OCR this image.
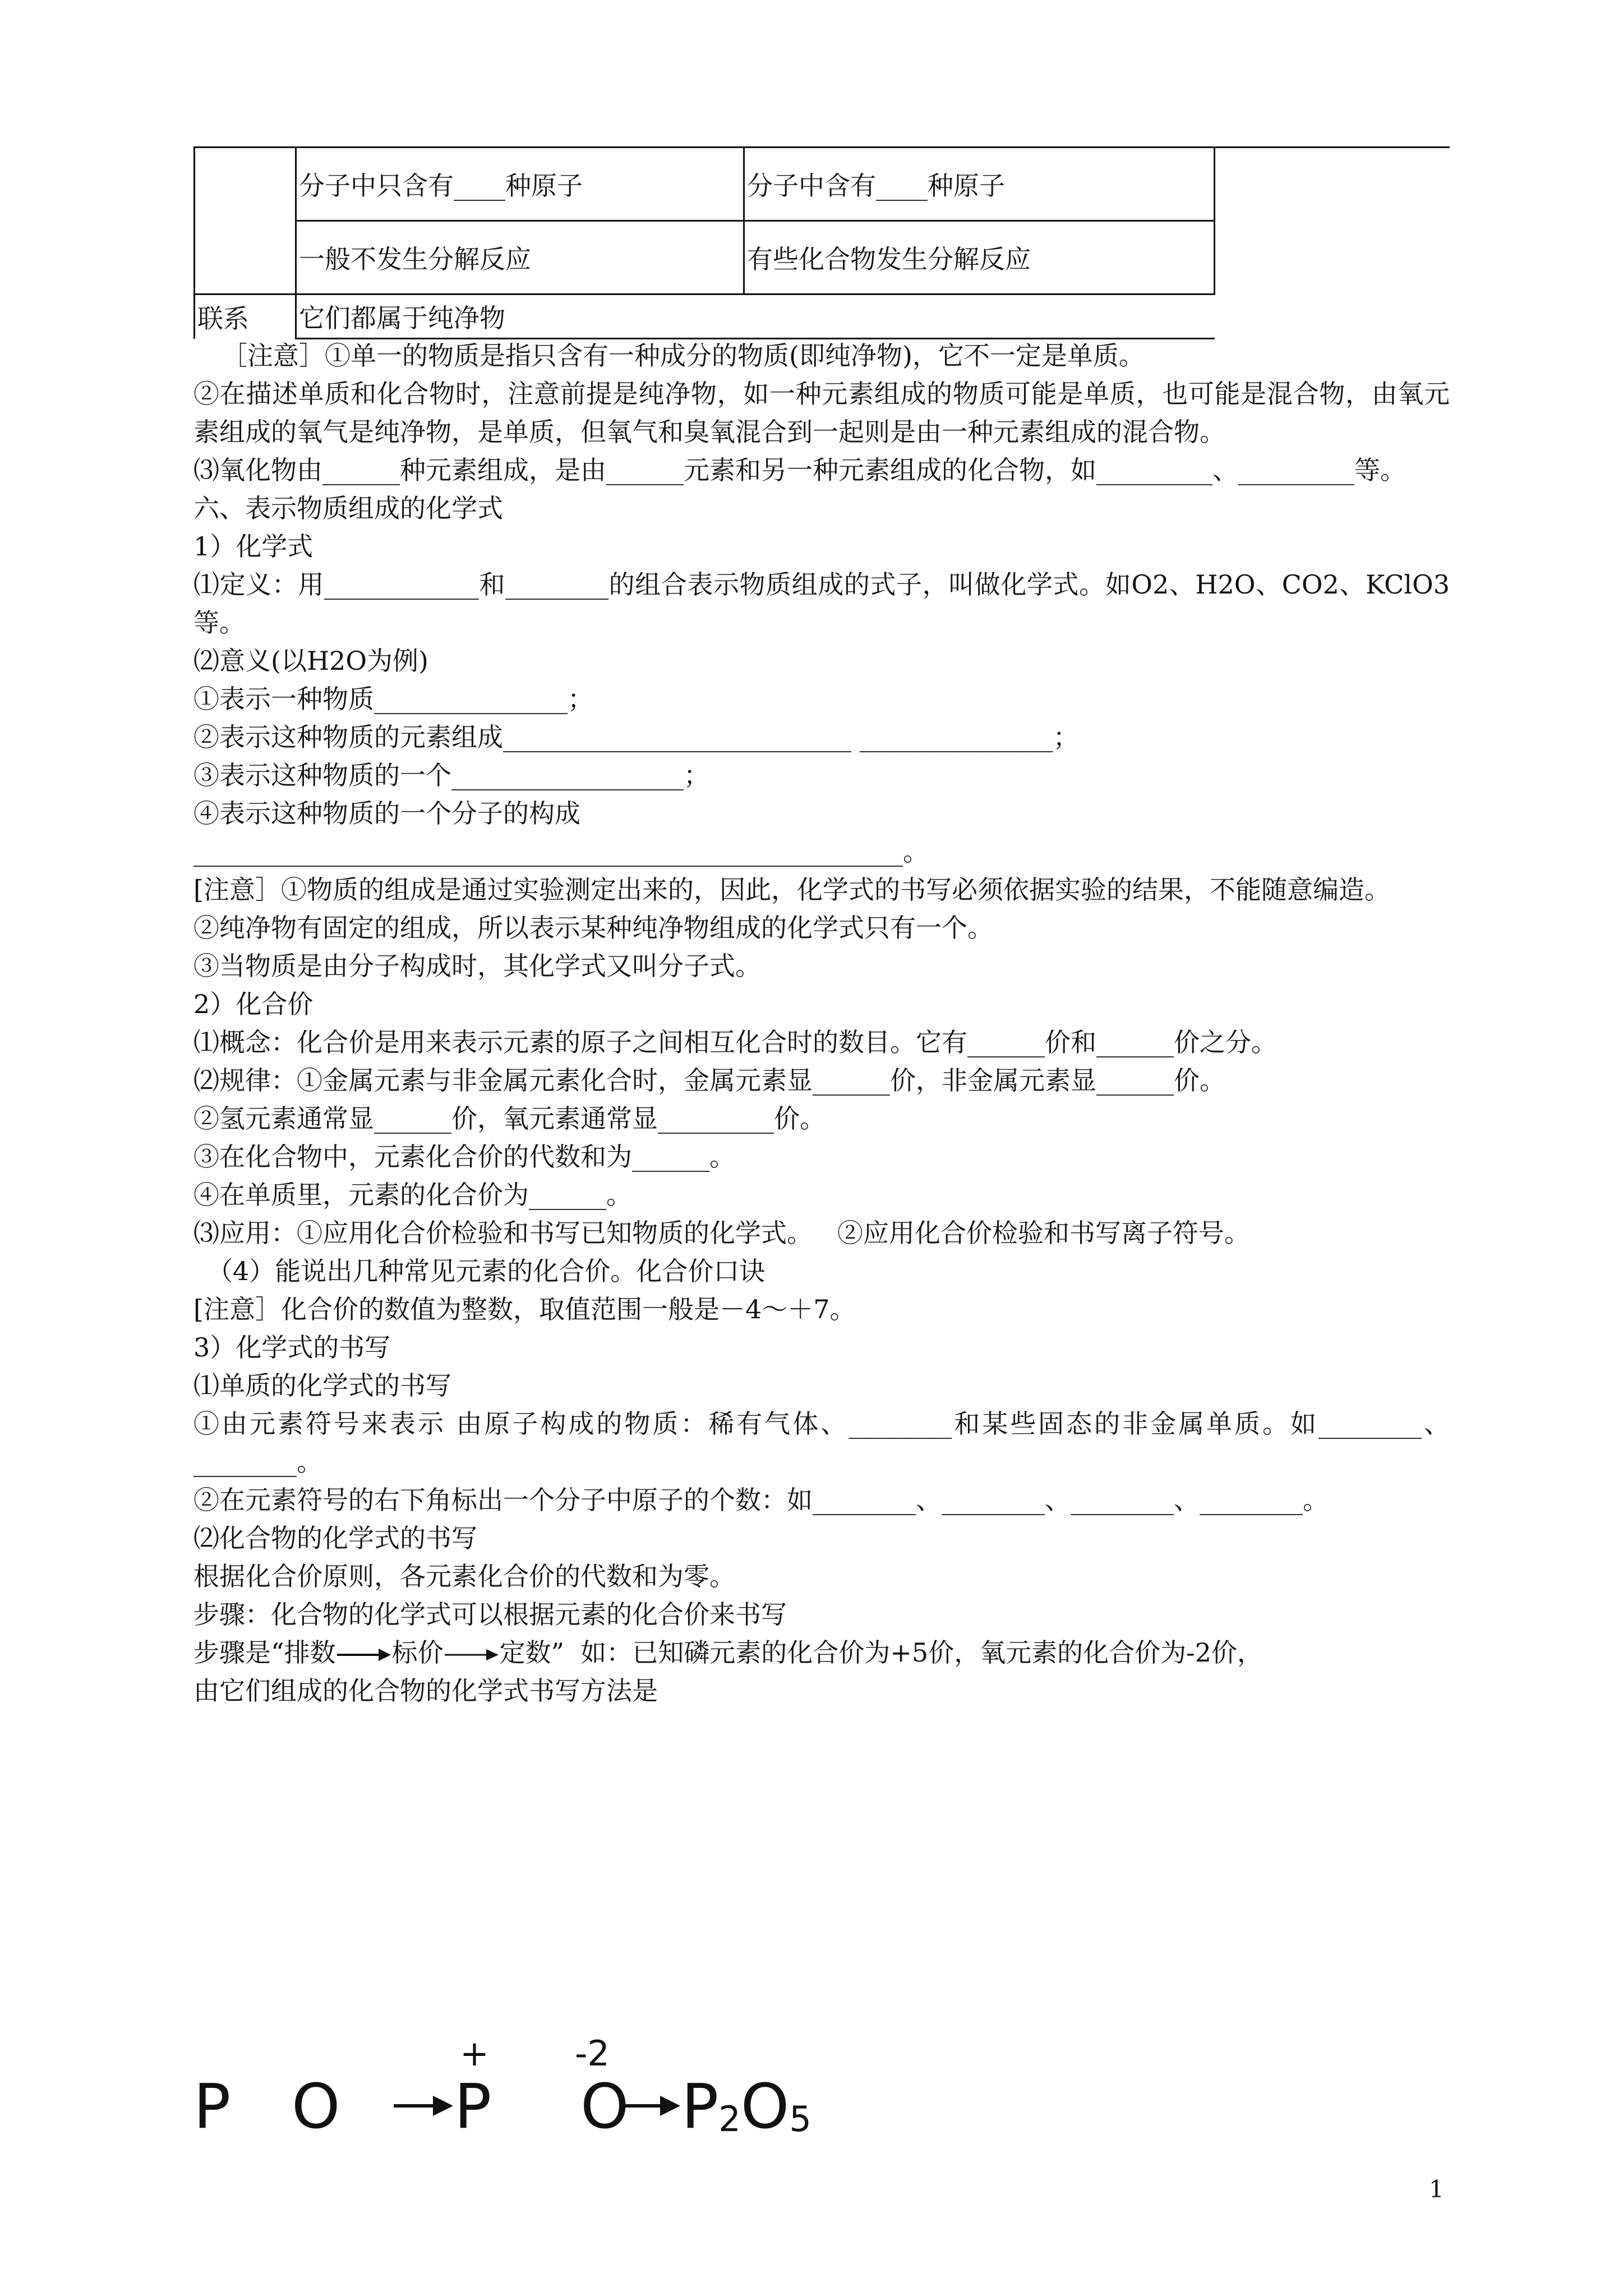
	分子中只含有____种原子	分子中含有____种原子
	一般不发生分解反应	有些化合物发生分解反应
联系	它们都属于纯净物	

［注意］①单一的物质是指只含有一种成分的物质(即纯净物)，它不一定是单质。

②在描述单质和化合物时，注意前提是纯净物，如一种元素组成的物质可能是单质，也可能是混合物，由氧元素组成的氧气是纯净物，是单质，但氧气和臭氧混合到一起则是由一种元素组成的混合物。

⑶氧化物由______种元素组成，是由______元素和另一种元素组成的化合物，如_________、_________等。

六、表示物质组成的化学式

1）化学式

⑴定义：用____________和________的组合表示物质组成的式子，叫做化学式。如O2、H2O、CO2、KClO3等。

⑵意义(以H2O为例)

①表示一种物质_______________；

②表示这种物质的元素组成___________________________ _______________；

③表示这种物质的一个__________________；

④表示这种物质的一个分子的构成

_______________________________________________________。

[注意］①物质的组成是通过实验测定出来的，因此，化学式的书写必须依据实验的结果，不能随意编造。

②纯净物有固定的组成，所以表示某种纯净物组成的化学式只有一个。

③当物质是由分子构成时，其化学式又叫分子式。

2）化合价

⑴概念：化合价是用来表示元素的原子之间相互化合时的数目。它有______价和______价之分。

⑵规律：①金属元素与非金属元素化合时，金属元素显______价，非金属元素显______价。

②氢元素通常显______价，氧元素通常显_________价。

③在化合物中，元素化合价的代数和为______。

④在单质里，元素的化合价为______。

⑶应用：①应用化合价检验和书写已知物质的化学式。   ②应用化合价检验和书写离子符号。

（4）能说出几种常见元素的化合价。化合价口诀

[注意］化合价的数值为整数，取值范围一般是－4～＋7。

3）化学式的书写

⑴单质的化学式的书写

①由元素符号来表示 由原子构成的物质：稀有气体、________和某些固态的非金属单质。如________、________。

②在元素符号的右下角标出一个分子中原子的个数：如________、________、________、________。

⑵化合物的化学式的书写

根据化合价原则，各元素化合价的代数和为零。

步骤：化合物的化学式可以根据元素的化合价来书写

步骤是“排数 标价 定数”  如：已知磷元素的化合价为+5价，氧元素的化合价为-2价，

由它们组成的化合物的化学式书写方法是

P O
+
P
-2
O P2O5
1
